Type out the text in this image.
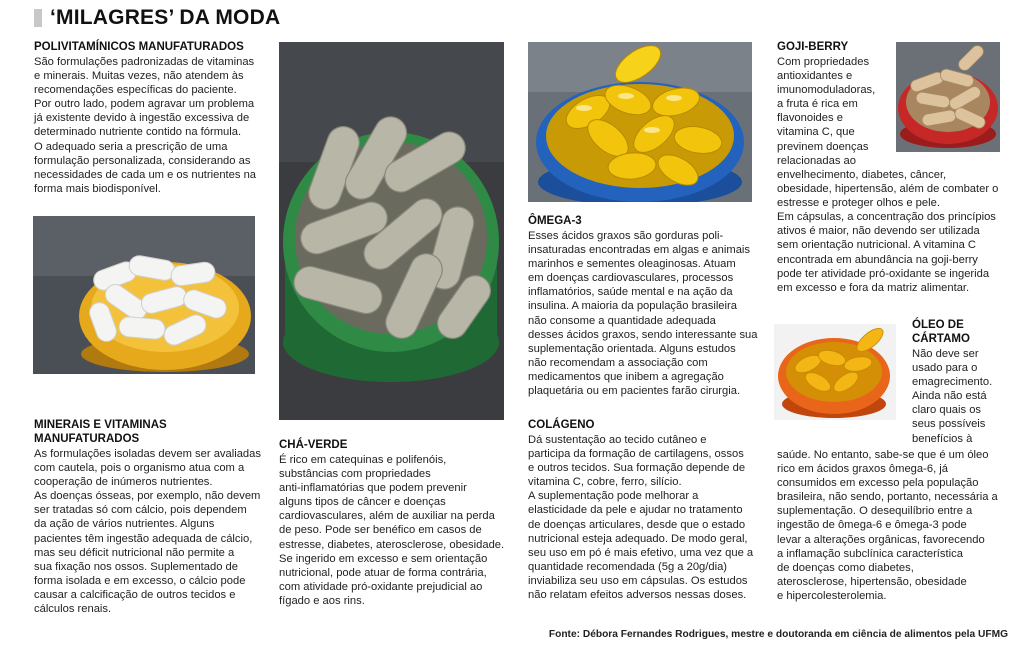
‘MILAGRES’ DA MODA
POLIVITAMÍNICOS MANUFATURADOS

São formulações padronizadas de vitaminas
e minerais. Muitas vezes, não atendem às
recomendações específicas do paciente.
Por outro lado, podem agravar um problema
já existente devido à ingestão excessiva de
determinado nutriente contido na fórmula.
O adequado seria a prescrição de uma
formulação personalizada, considerando as
necessidades de cada um e os nutrientes na
forma mais biodisponível.

MINERAIS E VITAMINAS MANUFATURADOS

As formulações isoladas devem ser avaliadas
com cautela, pois o organismo atua com a
cooperação de inúmeros nutrientes.
As doenças ósseas, por exemplo, não devem
ser tratadas só com cálcio, pois dependem
da ação de vários nutrientes. Alguns
pacientes têm ingestão adequada de cálcio,
mas seu déficit nutricional não permite a
sua fixação nos ossos. Suplementado de
forma isolada e em excesso, o cálcio pode
causar a calcificação de outros tecidos e
cálculos renais.

CHÁ-VERDE

É rico em catequinas e polifenóis,
substâncias com propriedades
anti-inflamatórias que podem prevenir
alguns tipos de câncer e doenças
cardiovasculares, além de auxiliar na perda
de peso. Pode ser benéfico em casos de
estresse, diabetes, aterosclerose, obesidade.
Se ingerido em excesso e sem orientação
nutricional, pode atuar de forma contrária,
com atividade pró-oxidante prejudicial ao
fígado e aos rins.

ÔMEGA-3

Esses ácidos graxos são gorduras poli-
insaturadas encontradas em algas e animais
marinhos e sementes oleaginosas. Atuam
em doenças cardiovasculares, processos
inflamatórios, saúde mental e na ação da
insulina. A maioria da população brasileira
não consome a quantidade adequada
desses ácidos graxos, sendo interessante sua
suplementação orientada. Alguns estudos
não recomendam a associação com
medicamentos que inibem a agregação
plaquetária ou em pacientes farão cirurgia.

COLÁGENO

Dá sustentação ao tecido cutâneo e
participa da formação de cartilagens, ossos
e outros tecidos. Sua formação depende de
vitamina C, cobre, ferro, silício.
A suplementação pode melhorar a
elasticidade da pele e ajudar no tratamento
de doenças articulares, desde que o estado
nutricional esteja adequado. De modo geral,
seu uso em pó é mais efetivo, uma vez que a
quantidade recomendada (5g a 20g/dia)
inviabiliza seu uso em cápsulas. Os estudos
não relatam efeitos adversos nessas doses.

GOJI-BERRY

Com propriedades
antioxidantes e
imunomoduladoras,
a fruta é rica em
flavonoides e
vitamina C, que
previnem doenças
relacionadas ao

envelhecimento, diabetes, câncer,
obesidade, hipertensão, além de combater o
estresse e proteger olhos e pele.
Em cápsulas, a concentração dos princípios
ativos é maior, não devendo ser utilizada
sem orientação nutricional. A vitamina C
encontrada em abundância na goji-berry
pode ter atividade pró-oxidante se ingerida
em excesso e fora da matriz alimentar.

ÓLEO DE
CÁRTAMO

Não deve ser
usado para o
emagrecimento.
Ainda não está
claro quais os
seus possíveis
benefícios à

saúde. No entanto, sabe-se que é um óleo
rico em ácidos graxos ômega-6, já
consumidos em excesso pela população
brasileira, não sendo, portanto, necessária a
suplementação. O desequilíbrio entre a
ingestão de ômega-6 e ômega-3 pode
levar a alterações orgânicas, favorecendo
a inflamação subclínica característica
de doenças como diabetes,
aterosclerose, hipertensão, obesidade
e hipercolesterolemia.

Fonte: Débora Fernandes Rodrigues, mestre e doutoranda em ciência de alimentos pela UFMG
